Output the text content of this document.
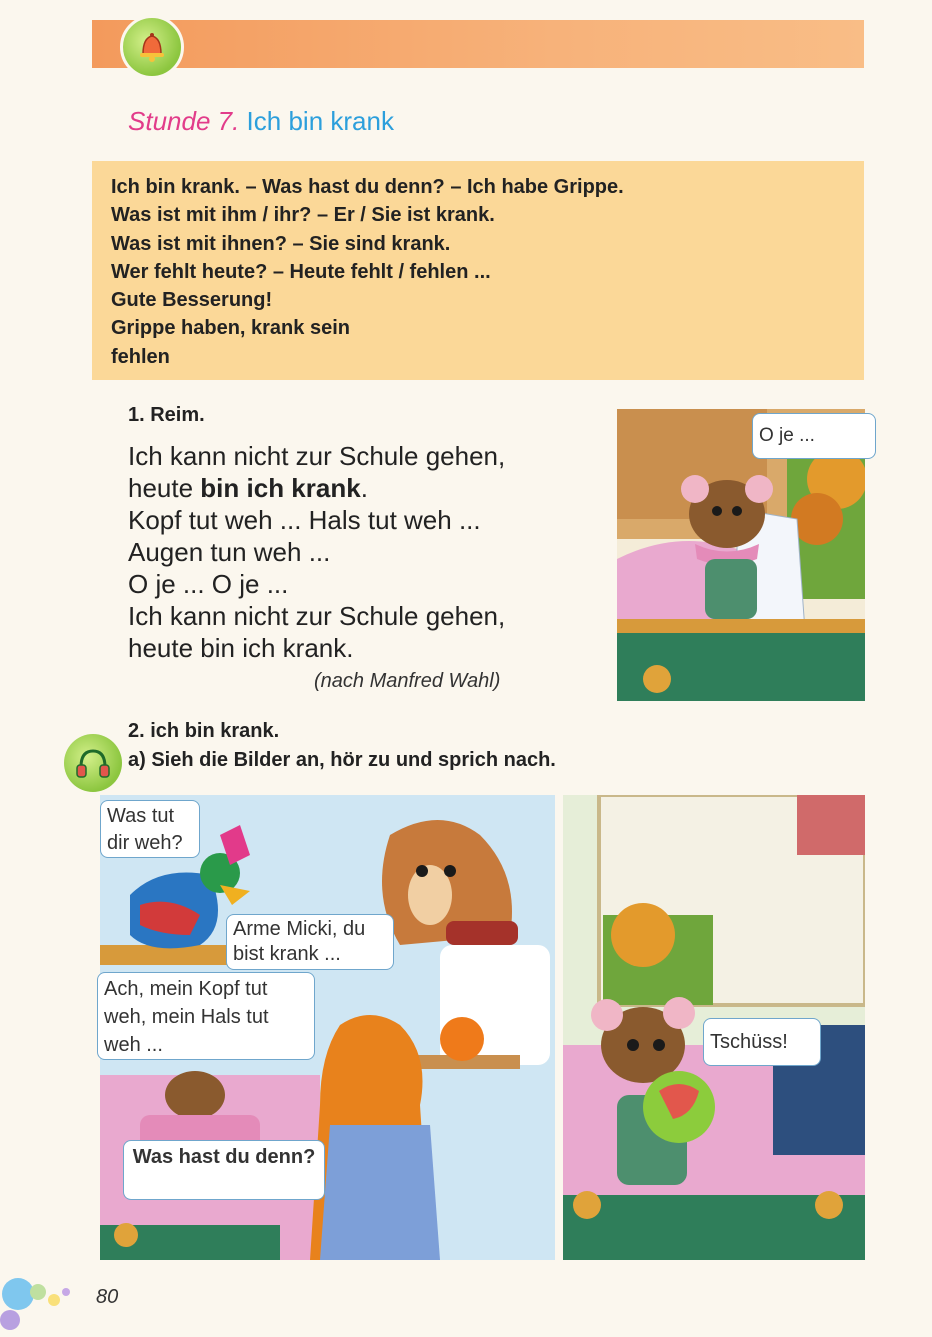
Stunde 7. Ich bin krank
Ich bin krank. – Was hast du denn? – Ich habe Grippe.
Was ist mit ihm / ihr? – Er / Sie ist krank.
Was ist mit ihnen? – Sie sind krank.
Wer fehlt heute? – Heute fehlt / fehlen ...
Gute Besserung!
Grippe haben, krank sein
fehlen
1. Reim.
Ich kann nicht zur Schule gehen,
heute bin ich krank.
Kopf tut weh ... Hals tut weh ...
Augen tun weh ...
O je ... O je ...
Ich kann nicht zur Schule gehen,
heute bin ich krank.
(nach Manfred Wahl)
O je ...
2. ich bin krank.
a) Sieh die Bilder an, hör zu und sprich nach.
Was tut dir weh?
Arme Micki, du bist krank ...
Ach, mein Kopf tut weh, mein Hals tut weh ...
Was hast du denn?
Tschüss!
80
